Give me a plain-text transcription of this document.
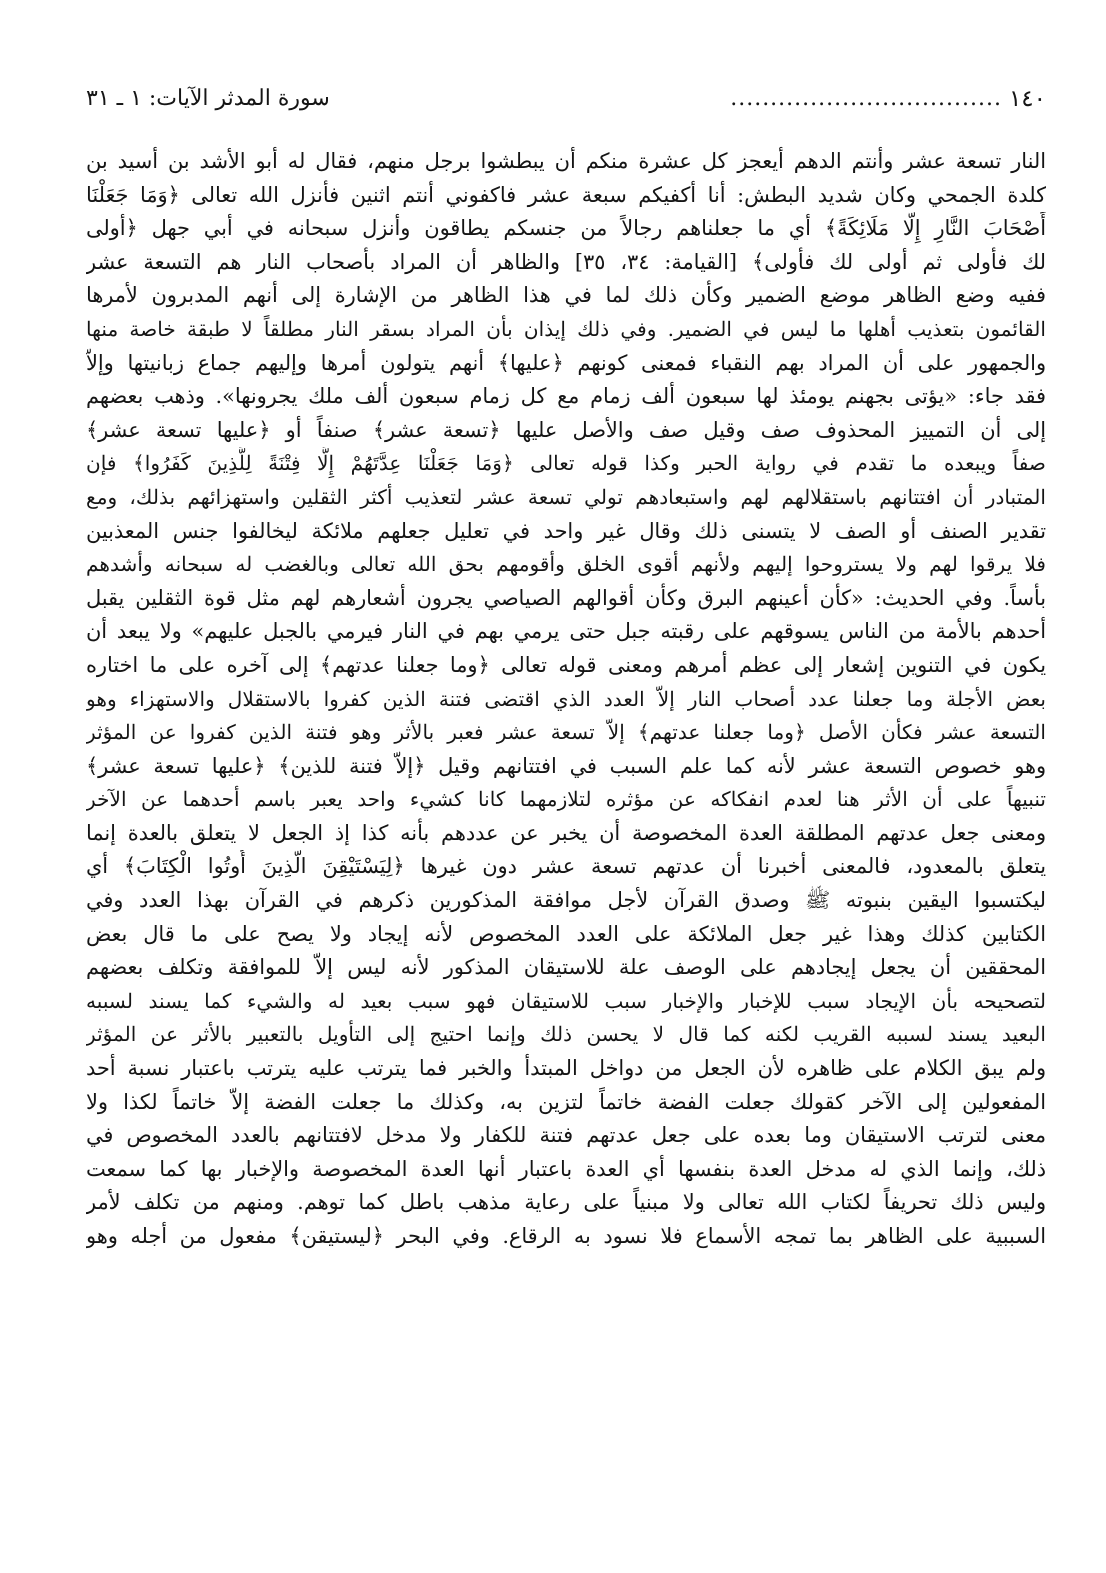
١٤٠
..................................
سورة المدثر الآيات: ١ ـ ٣١
النار تسعة عشر وأنتم الدهم أيعجز كل عشرة منكم أن يبطشوا برجل منهم، فقال له أبو الأشد بن أسيد بن
كلدة الجمحي وكان شديد البطش: أنا أكفيكم سبعة عشر فاكفوني أنتم اثنين فأنزل الله تعالى ﴿وَمَا جَعَلْنَا
أَصْحَابَ النَّارِ إِلَّا مَلَائِكَةً﴾ أي ما جعلناهم رجالاً من جنسكم يطاقون وأنزل سبحانه في أبي جهل ﴿أولى
لك فأولى ثم أولى لك فأولى﴾ [القيامة: ٣٤، ٣٥] والظاهر أن المراد بأصحاب النار هم التسعة عشر
ففيه وضع الظاهر موضع الضمير وكأن ذلك لما في هذا الظاهر من الإشارة إلى أنهم المدبرون لأمرها
القائمون بتعذيب أهلها ما ليس في الضمير. وفي ذلك إيذان بأن المراد بسقر النار مطلقاً لا طبقة خاصة منها
والجمهور على أن المراد بهم النقباء فمعنى كونهم ﴿عليها﴾ أنهم يتولون أمرها وإليهم جماع زبانيتها وإلاّ
فقد جاء: «يؤتى بجهنم يومئذ لها سبعون ألف زمام مع كل زمام سبعون ألف ملك يجرونها». وذهب بعضهم
إلى أن التمييز المحذوف صف وقيل صف والأصل عليها ﴿تسعة عشر﴾ صنفاً أو ﴿عليها تسعة عشر﴾
صفاً ويبعده ما تقدم في رواية الحبر وكذا قوله تعالى ﴿وَمَا جَعَلْنَا عِدَّتَهُمْ إِلَّا فِتْنَةً لِلَّذِينَ كَفَرُوا﴾ فإن
المتبادر أن افتتانهم باستقلالهم لهم واستبعادهم تولي تسعة عشر لتعذيب أكثر الثقلين واستهزائهم بذلك، ومع
تقدير الصنف أو الصف لا يتسنى ذلك وقال غير واحد في تعليل جعلهم ملائكة ليخالفوا جنس المعذبين
فلا يرقوا لهم ولا يستروحوا إليهم ولأنهم أقوى الخلق وأقومهم بحق الله تعالى وبالغضب له سبحانه وأشدهم
بأساً. وفي الحديث: «كأن أعينهم البرق وكأن أقوالهم الصياصي يجرون أشعارهم لهم مثل قوة الثقلين يقبل
أحدهم بالأمة من الناس يسوقهم على رقبته جبل حتى يرمي بهم في النار فيرمي بالجبل عليهم» ولا يبعد أن
يكون في التنوين إشعار إلى عظم أمرهم ومعنى قوله تعالى ﴿وما جعلنا عدتهم﴾ إلى آخره على ما اختاره
بعض الأجلة وما جعلنا عدد أصحاب النار إلاّ العدد الذي اقتضى فتنة الذين كفروا بالاستقلال والاستهزاء وهو
التسعة عشر فكأن الأصل ﴿وما جعلنا عدتهم﴾ إلاّ تسعة عشر فعبر بالأثر وهو فتنة الذين كفروا عن المؤثر
وهو خصوص التسعة عشر لأنه كما علم السبب في افتتانهم وقيل ﴿إلاّ فتنة للذين﴾ ﴿عليها تسعة عشر﴾
تنبيهاً على أن الأثر هنا لعدم انفكاكه عن مؤثره لتلازمهما كانا كشيء واحد يعبر باسم أحدهما عن الآخر
ومعنى جعل عدتهم المطلقة العدة المخصوصة أن يخبر عن عددهم بأنه كذا إذ الجعل لا يتعلق بالعدة إنما
يتعلق بالمعدود، فالمعنى أخبرنا أن عدتهم تسعة عشر دون غيرها ﴿لِيَسْتَيْقِنَ الَّذِينَ أُوتُوا الْكِتَابَ﴾ أي
ليكتسبوا اليقين بنبوته ﷺ وصدق القرآن لأجل موافقة المذكورين ذكرهم في القرآن بهذا العدد وفي
الكتابين كذلك وهذا غير جعل الملائكة على العدد المخصوص لأنه إيجاد ولا يصح على ما قال بعض
المحققين أن يجعل إيجادهم على الوصف علة للاستيقان المذكور لأنه ليس إلاّ للموافقة وتكلف بعضهم
لتصحيحه بأن الإيجاد سبب للإخبار والإخبار سبب للاستيقان فهو سبب بعيد له والشيء كما يسند لسببه
البعيد يسند لسببه القريب لكنه كما قال لا يحسن ذلك وإنما احتيج إلى التأويل بالتعبير بالأثر عن المؤثر
ولم يبق الكلام على ظاهره لأن الجعل من دواخل المبتدأ والخبر فما يترتب عليه يترتب باعتبار نسبة أحد
المفعولين إلى الآخر كقولك جعلت الفضة خاتماً لتزين به، وكذلك ما جعلت الفضة إلاّ خاتماً لكذا ولا
معنى لترتب الاستيقان وما بعده على جعل عدتهم فتنة للكفار ولا مدخل لافتتانهم بالعدد المخصوص في
ذلك، وإنما الذي له مدخل العدة بنفسها أي العدة باعتبار أنها العدة المخصوصة والإخبار بها كما سمعت
وليس ذلك تحريفاً لكتاب الله تعالى ولا مبنياً على رعاية مذهب باطل كما توهم. ومنهم من تكلف لأمر
السببية على الظاهر بما تمجه الأسماع فلا نسود به الرقاع. وفي البحر ﴿ليستيقن﴾ مفعول من أجله وهو
